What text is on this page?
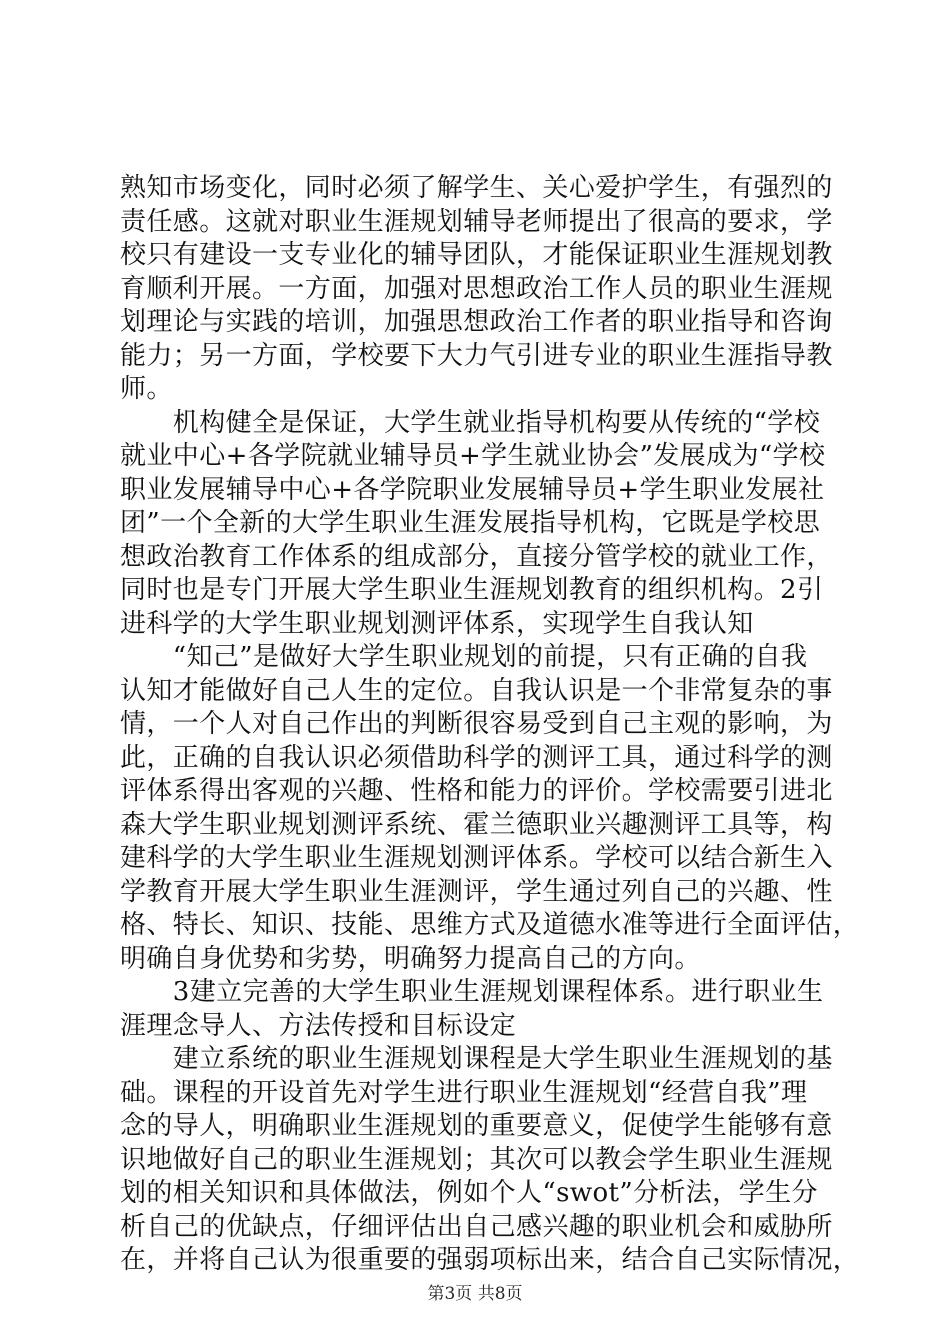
熟知市场变化，同时必须了解学生、关心爱护学生，有强烈的
责任感。这就对职业生涯规划辅导老师提出了很高的要求，学
校只有建设一支专业化的辅导团队，才能保证职业生涯规划教
育顺利开展。一方面，加强对思想政治工作人员的职业生涯规
划理论与实践的培训，加强思想政治工作者的职业指导和咨询
能力；另一方面，学校要下大力气引进专业的职业生涯指导教
师。
　　机构健全是保证，大学生就业指导机构要从传统的“学校
就业中心+各学院就业辅导员+学生就业协会”发展成为“学校
职业发展辅导中心+各学院职业发展辅导员+学生职业发展社
团”一个全新的大学生职业生涯发展指导机构，它既是学校思
想政治教育工作体系的组成部分，直接分管学校的就业工作，
同时也是专门开展大学生职业生涯规划教育的组织机构。2引
进科学的大学生职业规划测评体系，实现学生自我认知
　　“知己”是做好大学生职业规划的前提，只有正确的自我
认知才能做好自己人生的定位。自我认识是一个非常复杂的事
情，一个人对自己作出的判断很容易受到自己主观的影响，为
此，正确的自我认识必须借助科学的测评工具，通过科学的测
评体系得出客观的兴趣、性格和能力的评价。学校需要引进北
森大学生职业规划测评系统、霍兰德职业兴趣测评工具等，构
建科学的大学生职业生涯规划测评体系。学校可以结合新生入
学教育开展大学生职业生涯测评，学生通过列自己的兴趣、性
格、特长、知识、技能、思维方式及道德水准等进行全面评估，
明确自身优势和劣势，明确努力提高自己的方向。
　　3建立完善的大学生职业生涯规划课程体系。进行职业生
涯理念导人、方法传授和目标设定
　　建立系统的职业生涯规划课程是大学生职业生涯规划的基
础。课程的开设首先对学生进行职业生涯规划“经营自我”理
念的导人，明确职业生涯规划的重要意义，促使学生能够有意
识地做好自己的职业生涯规划；其次可以教会学生职业生涯规
划的相关知识和具体做法，例如个人“swot”分析法，学生分
析自己的优缺点，仔细评估出自己感兴趣的职业机会和威胁所
在，并将自己认为很重要的强弱项标出来，结合自己实际情况，
第3页 共8页
